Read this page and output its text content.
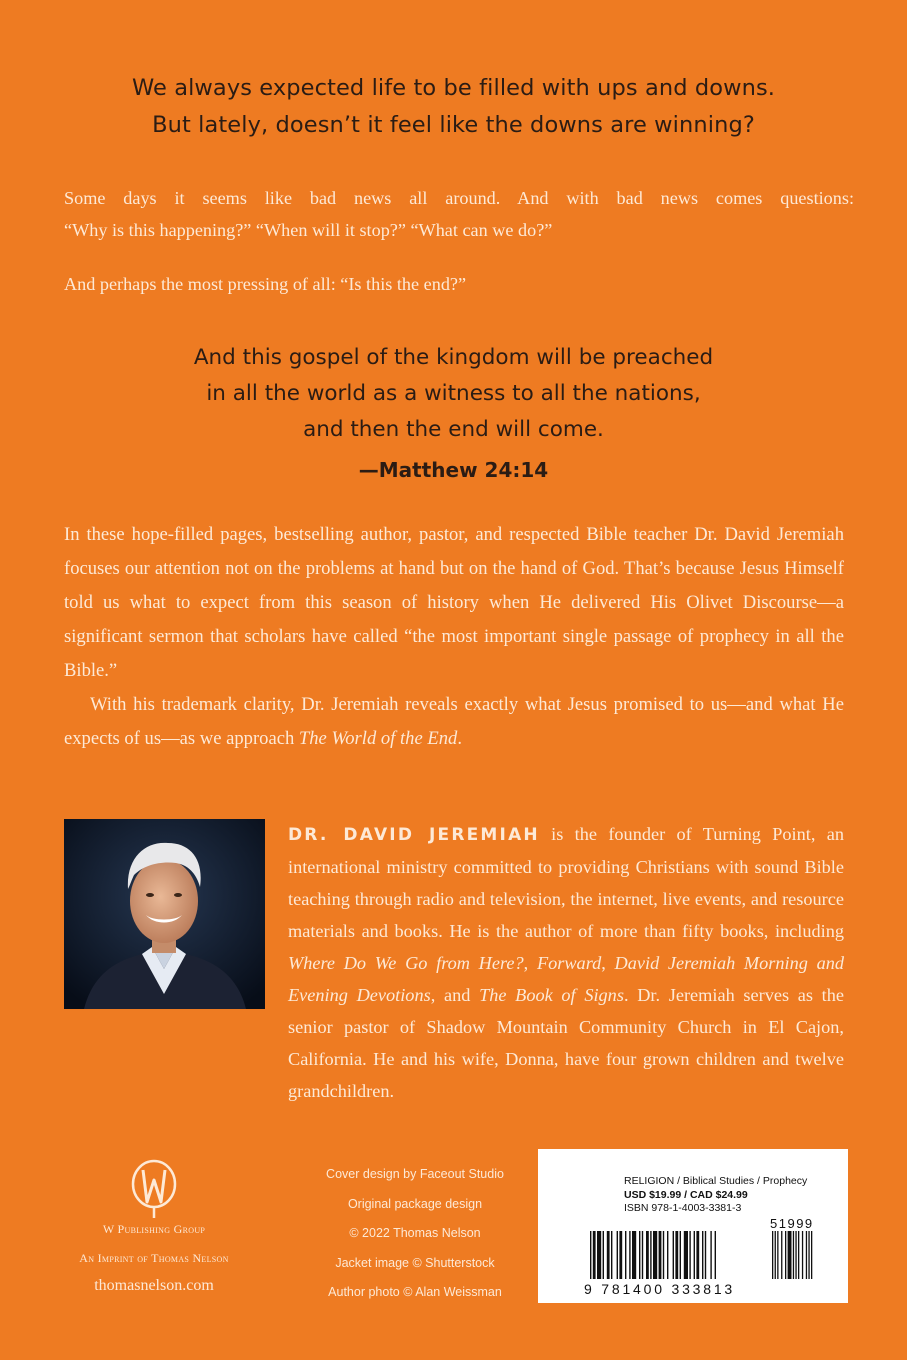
We always expected life to be filled with ups and downs.
But lately, doesn’t it feel like the downs are winning?
Some days it seems like bad news all around. And with bad news comes questions:
“Why is this happening?” “When will it stop?” “What can we do?”
And perhaps the most pressing of all: “Is this the end?”
And this gospel of the kingdom will be preached
in all the world as a witness to all the nations,
and then the end will come.
—Matthew 24:14

In these hope-filled pages, bestselling author, pastor, and respected Bible teacher Dr. David Jeremiah focuses our attention not on the problems at hand but on the hand of God. That’s because Jesus Himself told us what to expect from this season of history when He delivered His Olivet Discourse—a significant sermon that scholars have called “the most important single passage of prophecy in all the Bible.”

With his trademark clarity, Dr. Jeremiah reveals exactly what Jesus promised to us—and what He expects of us—as we approach The World of the End.

DR. DAVID JEREMIAH is the founder of Turning Point, an international ministry committed to providing Christians with sound Bible teaching through radio and television, the internet, live events, and resource materials and books. He is the author of more than fifty books, including Where Do We Go from Here?, Forward, David Jeremiah Morning and Evening Devotions, and The Book of Signs. Dr. Jeremiah serves as the senior pastor of Shadow Mountain Community Church in El Cajon, California. He and his wife, Donna, have four grown children and twelve grandchildren.
W Publishing Group
An Imprint of Thomas Nelson
thomasnelson.com
Cover design by Faceout Studio
Original package design
© 2022 Thomas Nelson
Jacket image © Shutterstock
Author photo © Alan Weissman
RELIGION / Biblical Studies / Prophecy
USD $19.99 / CAD $24.99
ISBN 978-1-4003-3381-3
51999
9 781400 333813
